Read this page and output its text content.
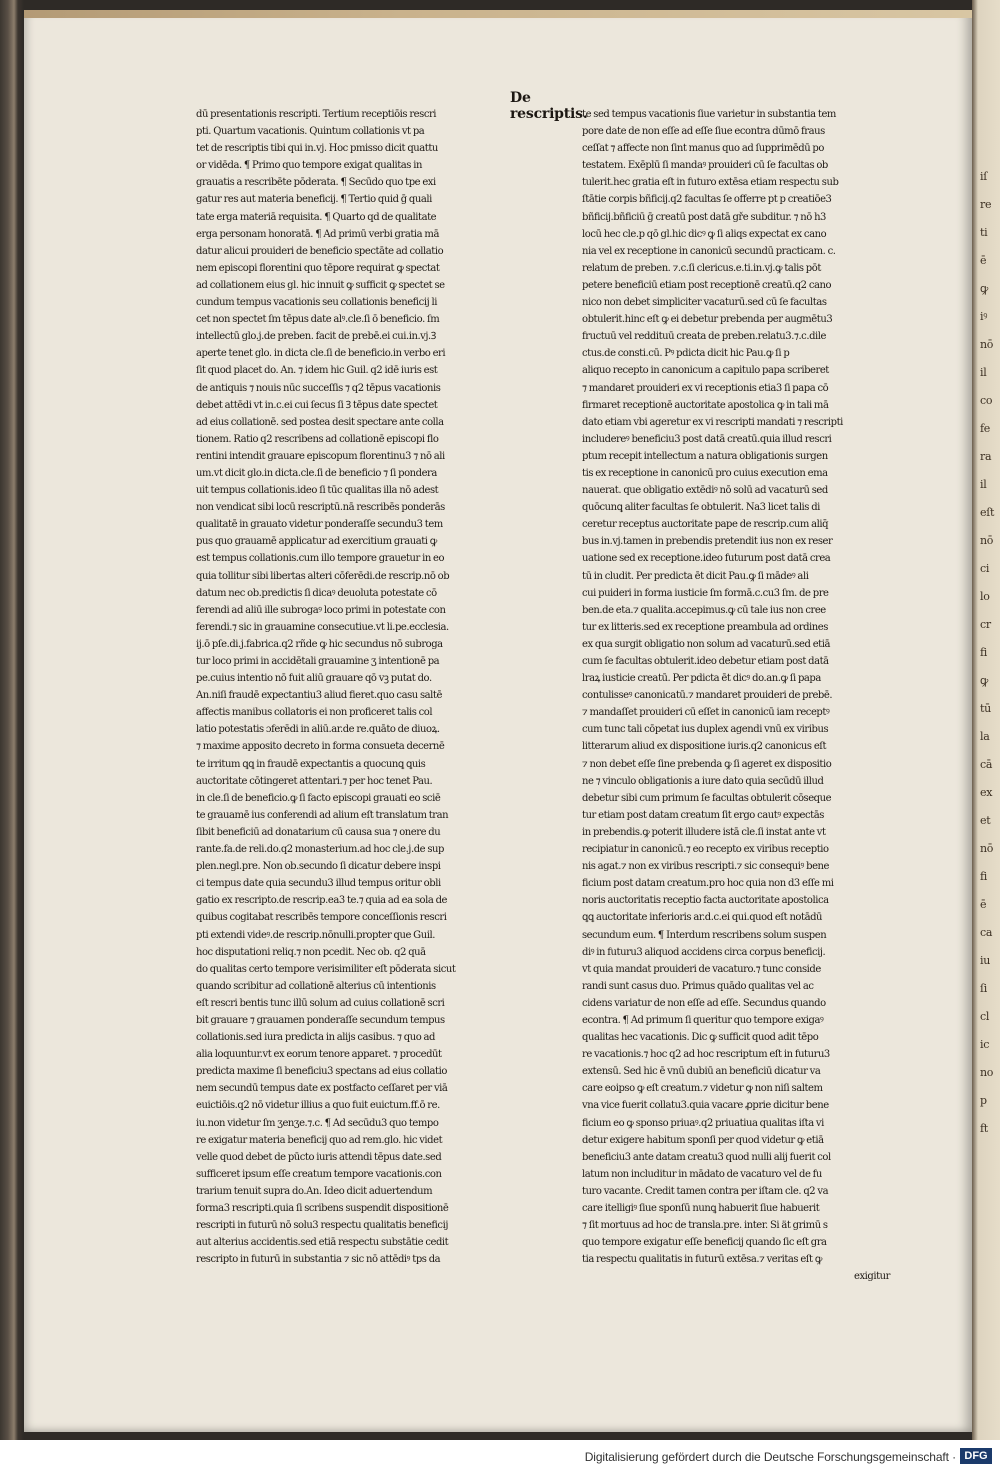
iſ
re
ti
ē
ꝙ
iꝰ
nō
il
co
fe
ra
il
eſt
nō
ci
lo
cr
fi
ꝙ
tū
la
cā
ex
et
nō
fi
ē
ca
iu
ſi
cl
ic
no
p
ft
De rescriptis.
dū presentationis rescripti. Tertium receptiōis rescri
pti. Quartum vacationis. Quintum collationis vt pa
tet de rescriptis tibi qui in.vj. Hoc pmisso dicit quattu
or vidēda. ¶ Primo quo tempore exigat qualitas in
grauatis a rescribēte pōderata. ¶ Secūdo quo tpe exi
gatur res aut materia beneficij. ¶ Tertio quid ḡ quali
tate erga materiā requisita. ¶ Quarto qd de qualitate
erga personam honoratā. ¶ Ad primū verbi gratia mā
datur alicui prouideri de beneficio spectāte ad collatio
nem episcopi florentini quo tēpore requirat ꝙ spectat
ad collationem eius gl. hic innuit ꝙ sufficit ꝙ spectet se
cundum tempus vacationis seu collationis beneficij li
cet non spectet ſm tēpus date alꝰ.cle.ſi ō beneficio. ſm
intellectū glo.j.de preben. facit de prebē.ei cui.in.vj.Ꝫ
aperte tenet glo. in dicta cle.ſi de beneficio.in verbo eri
ſit quod placet do. An. ⁊ idem hic Guil. q2 idē iuris est
de antiquis ⁊ nouis nūc succeſſis ⁊ q2 tēpus vacationis
debet attēdi vt in.c.ei cui ſecus ſi Ꝫ tēpus date spectet
ad eius collationē. sed postea desit spectare ante colla
tionem. Ratio q2 rescribens ad collationē episcopi flo
rentini intendit grauare episcopum florentinu3 ⁊ nō ali
um.vt dicit glo.in dicta.cle.ſi de beneficio ⁊ ſi pondera
uit tempus collationis.ideo ſi tūc qualitas illa nō adest
non vendicat sibi locū rescriptū.nā rescribēs ponderās
qualitatē in grauato videtur ponderaſſe secundu3 tem
pus quo grauamē applicatur ad exercitium grauati ꝙ
est tempus collationis.cum illo tempore grauetur in eo
quia tollitur sibi libertas alteri cōferēdi.de rescrip.nō ob
datum nec ob.predictis ſi dicaꝰ deuoluta potestate cō
ferendi ad aliū ille subrogaꝰ loco primi in potestate con
ferendi.⁊ sic in grauamine consecutiue.vt li.pe.ecclesia.
ij.ō pſe.di.j.fabrica.q2 rñde ꝙ hic secundus nō subroga
tur loco primi in accidētali grauamine ʒ intentionē pa
pe.cuius intentio nō fuit aliū grauare qō vꝫ putat do.
An.niſi fraudē expectantiu3 aliud fieret.quo casu saltē
affectis manibus collatoris ei non proficeret talis col
latio potestatis ɔferēdi in aliū.ar.de re.quāto de diuoꝝ.
⁊ maxime apposito decreto in forma consueta decernē
te irritum ꝗꝗ in fraudē expectantis a quocunꝗ ꝗuis
auctoritate cōtingeret attentari.⁊ per hoc tenet Pau.
in cle.ſi de beneficio.ꝙ ſi facto episcopi grauati eo sciē
te grauamē ius conferendi ad alium eſt translatum tran
ſibit beneficiū ad donatarium cū causa sua ⁊ onere du
rante.fa.de reli.do.q2 monasterium.ad hoc cle.j.de sup
plen.negl.pre. Non ob.secundo ſi dicatur debere inspi
ci tempus date quia secundu3 illud tempus oritur obli
gatio ex rescripto.de rescrip.ea3 te.⁊ quia ad ea sola de
quibus cogitabat rescribēs tempore conceſſionis rescri
pti extendi videꝰ.de rescrip.nōnulli.propter que Guil.
hoc disputationi reliq.⁊ non pcedit. Nec ob. q2 quā
do qualitas certo tempore verisimiliter eſt pōderata sicut
quando scribitur ad collationē alterius cū intentionis
eſt rescri bentis tunc illū solum ad cuius collationē scri
bit grauare ⁊ grauamen ponderaſſe secundum tempus
collationis.sed iura predicta in alijs casibus. ⁊ quo ad
alia loquuntur.vt ex eorum tenore apparet. ⁊ procedūt
predicta maxime ſi beneficiu3 spectans ad eius collatio
nem secundū tempus date ex postfacto ceſſaret per viā
euictiōis.q2 nō videtur illius a quo fuit euictum.ff.ō re.
iu.non videtur ſm ʒenʒe.⁊.c. ¶ Ad secūdu3 quo tempo
re exigatur materia beneficij quo ad rem.glo. hic videt
velle quod debet de pūcto iuris attendi tēpus date.sed
sufficeret ipsum eſſe creatum tempore vacationis.con
trarium tenuit supra do.An. Ideo dicit aduertendum
forma3 rescripti.quia ſi scribens suspendit dispositionē
rescripti in futurū nō solu3 respectu qualitatis beneficij
aut alterius accidentis.sed etiā respectu substātie cedit
rescripto in futurū in substantia ⁊ sic nō attēdiꝰ tps da
te sed tempus vacationis ſiue varietur in substantia tem
pore date de non eſſe ad eſſe ſiue econtra dūmō fraus
ceſſat ⁊ affecte non ſint manus quo ad ſupprimēdū po
testatem. Exēplū ſi mandaꝰ prouideri cū ſe facultas ob
tulerit.hec gratia eſt in futuro extēsa etiam respectu sub
ſtātie corpis bñficij.q2 facultas ſe offerre pt p creatiōe3
bñficij.bñficiū ḡ creatū post datā gře subditur. ⁊ nō h3
locū hec cle.p qō gl.hic dicꝰ ꝙ ſi aliqs expectat ex cano
nia vel ex receptione in canonicū secundū practicam. c.
relatum de preben. ⁊.c.ſi clericus.e.ti.in.vj.ꝙ talis pōt
petere beneficiū etiam post receptionē creatū.q2 cano
nico non debet simpliciter vacaturū.sed cū ſe facultas
obtulerit.hinc eſt ꝙ ei debetur prebenda per augmētu3
fructuū vel reddituū creata de preben.relatu3.⁊.c.dile
ctus.de consti.cū. Pꝰ pdicta dicit hic Pau.ꝙ ſi p
aliquo recepto in canonicum a capitulo papa scriberet
⁊ mandaret prouideri ex vi receptionis etia3 ſi papa cō
firmaret receptionē auctoritate apostolica ꝙ in tali mā
dato etiam vbi ageretur ex vi rescripti mandati ⁊ rescripti
includereꝰ beneficiu3 post datā creatū.quia illud rescri
ptum recepit intellectum a natura obligationis surgen
tis ex receptione in canonicū pro cuius execution ema
nauerat. que obligatio extēdiꝰ nō solū ad vacaturū sed
quōcunꝗ aliter facultas ſe obtulerit. Na3 licet talis di
ceretur receptus auctoritate pape de rescrip.cum aliq̄
bus in.vj.tamen in prebendis pretendit ius non ex reser
uatione sed ex receptione.ideo futurum post datā crea
tū in cludit. Per predicta ēt dicit Pau.ꝙ ſi mādeꝰ ali
cui puideri in forma iusticie ſm formā.c.cu3 ſm. de pre
ben.de eta.⁊ qualita.accepimus.ꝙ cū tale ius non cree
tur ex litteris.sed ex receptione preambula ad ordines
ex qua surgit obligatio non solum ad vacaturū.sed etiā
cum ſe facultas obtulerit.ideo debetur etiam post datā
lraꝝ iusticie creatū. Per pdicta ēt dicꝰ do.an.ꝙ ſi papa
contulisseꝰ canonicatū.⁊ mandaret prouideri de prebē.
⁊ mandaſſet prouideri cū eſſet in canonicū iam receptꝰ
cum tunc tali cōpetat ius duplex agendi vnū ex viribus
litterarum aliud ex dispositione iuris.q2 canonicus eſt
⁊ non debet eſſe ſine prebenda ꝙ ſi ageret ex dispositio
ne ⁊ vinculo obligationis a iure dato quia secūdū illud
debetur sibi cum primum ſe facultas obtulerit cōseque
tur etiam post datam creatum ſit ergo cautꝰ expectās
in prebendis.ꝙ poterit illudere istā cle.ſi instat ante vt
recipiatur in canonicū.⁊ eo recepto ex viribus receptio
nis agat.⁊ non ex viribus rescripti.⁊ sic consequiꝰ bene
ficium post datam creatum.pro hoc quia non d3 eſſe mi
noris auctoritatis receptio facta auctoritate apostolica
ꝗꝗ auctoritate inferioris ar.d.c.ei qui.quod eſt notādū
secundum eum. ¶ Interdum rescribens solum suspen
diꝰ in futuru3 aliquod accidens circa corpus beneficij.
vt quia mandat prouideri de vacaturo.⁊ tunc conside
randi sunt casus duo. Primus quādo qualitas vel ac
cidens variatur de non eſſe ad eſſe. Secundus quando
econtra. ¶ Ad primum ſi queritur quo tempore exigaꝰ
qualitas hec vacationis. Dic ꝙ sufficit quod adit tēpo
re vacationis.⁊ hoc q2 ad hoc rescriptum eſt in futuru3
extensū. Sed hic ē vnū dubiū an beneficiū dicatur va
care eoipso ꝙ eſt creatum.⁊ videtur ꝙ non niſi saltem
vna vice fuerit collatu3.quia vacare ꝓprie dicitur bene
ficium eo ꝙ sponso priuaꝰ.q2 priuatiua qualitas iſta vi
detur exigere habitum sponſi per quod videtur ꝙ etiā
beneficiu3 ante datam creatu3 quod nulli alij fuerit col
latum non includitur in mādato de vacaturo vel de fu
turo vacante. Credit tamen contra per iſtam cle. q2 va
care itelligiꝰ ſiue sponſū nunꝗ habuerit ſiue habuerit
⁊ ſit mortuus ad hoc de transla.pre. inter. Si ät grimū s
quo tempore exigatur eſſe beneficij quando ſic eſt gra
tia respectu qualitatis in futurū extēsa.⁊ veritas eſt ꝙ
exigitur
Digitalisierung gefördert durch die Deutsche Forschungsgemeinschaft · DFG
